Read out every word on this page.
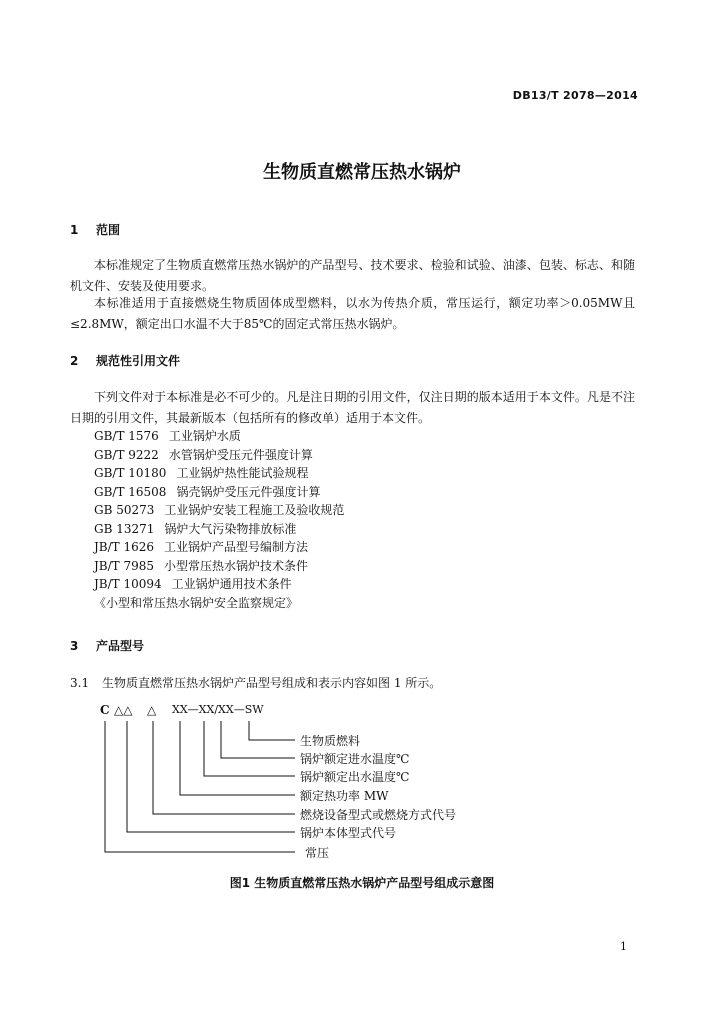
DB13/T 2078—2014
生物质直燃常压热水锅炉
1 范围
本标准规定了生物质直燃常压热水锅炉的产品型号、技术要求、检验和试验、油漆、包装、标志、和随机文件、安装及使用要求。
本标准适用于直接燃烧生物质固体成型燃料，以水为传热介质，常压运行，额定功率＞0.05MW且≤2.8MW，额定出口水温不大于85℃的固定式常压热水锅炉。
2 规范性引用文件
下列文件对于本标准是必不可少的。凡是注日期的引用文件，仅注日期的版本适用于本文件。凡是不注日期的引用文件，其最新版本（包括所有的修改单）适用于本文件。
GB/T 1576 工业锅炉水质
GB/T 9222 水管锅炉受压元件强度计算
GB/T 10180 工业锅炉热性能试验规程
GB/T 16508 锅壳锅炉受压元件强度计算
GB 50273 工业锅炉安装工程施工及验收规范
GB 13271 锅炉大气污染物排放标准
JB/T 1626 工业锅炉产品型号编制方法
JB/T 7985 小型常压热水锅炉技术条件
JB/T 10094 工业锅炉通用技术条件
《小型和常压热水锅炉安全监察规定》
3 产品型号
3.1 生物质直燃常压热水锅炉产品型号组成和表示内容如图 1 所示。
C △△ △ XX—XX/XX—SW
生物质燃料
锅炉额定进水温度℃
锅炉额定出水温度℃
额定热功率 MW
燃烧设备型式或燃烧方式代号
锅炉本体型式代号
常压
图1 生物质直燃常压热水锅炉产品型号组成示意图
1
